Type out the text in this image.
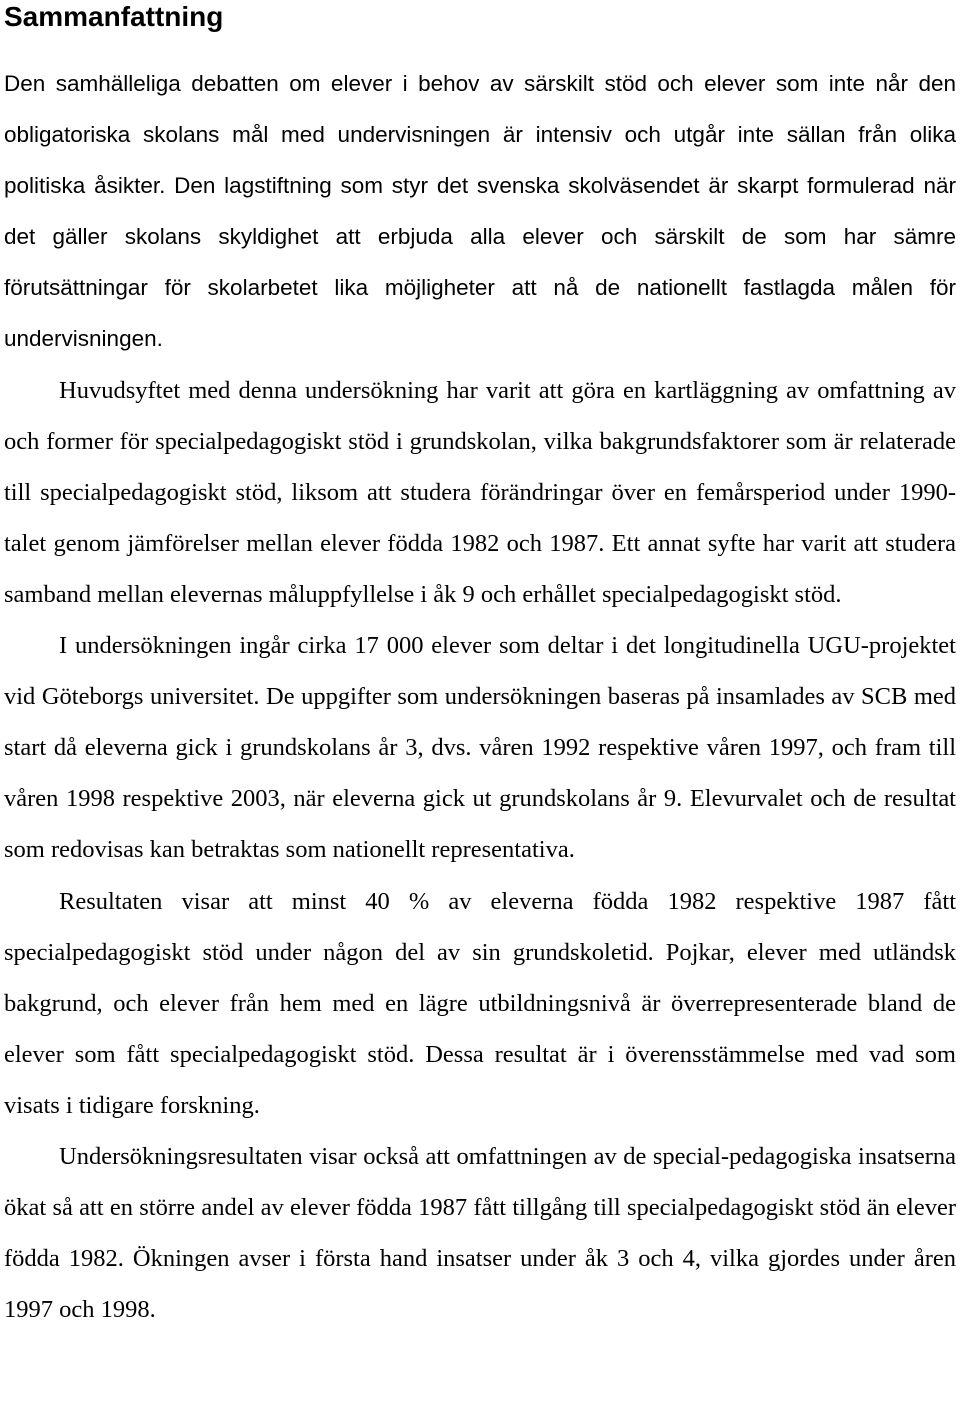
Sammanfattning

Den samhälleliga debatten om elever i behov av särskilt stöd och elever som inte når den obligatoriska skolans mål med undervisningen är intensiv och utgår inte sällan från olika politiska åsikter. Den lagstiftning som styr det svenska skolväsendet är skarpt formulerad när det gäller skolans skyldighet att erbjuda alla elever och särskilt de som har sämre förutsättningar för skolarbetet lika möjligheter att nå de nationellt fastlagda målen för undervisningen.

Huvudsyftet med denna undersökning har varit att göra en kartläggning av omfattning av och former för specialpedagogiskt stöd i grundskolan, vilka bakgrundsfaktorer som är relaterade till specialpedagogiskt stöd, liksom att studera förändringar över en femårsperiod under 1990-talet genom jämförelser mellan elever födda 1982 och 1987. Ett annat syfte har varit att studera samband mellan elevernas måluppfyllelse i åk 9 och erhållet specialpedagogiskt stöd.

I undersökningen ingår cirka 17 000 elever som deltar i det longitudinella UGU-projektet vid Göteborgs universitet. De uppgifter som undersökningen baseras på insamlades av SCB med start då eleverna gick i grundskolans år 3, dvs. våren 1992 respektive våren 1997, och fram till våren 1998 respektive 2003, när eleverna gick ut grundskolans år 9. Elevurvalet och de resultat som redovisas kan betraktas som nationellt representativa.

Resultaten visar att minst 40 % av eleverna födda 1982 respektive 1987 fått specialpedagogiskt stöd under någon del av sin grundskoletid. Pojkar, elever med utländsk bakgrund, och elever från hem med en lägre utbildningsnivå är överrepresenterade bland de elever som fått specialpedagogiskt stöd. Dessa resultat är i överensstämmelse med vad som visats i tidigare forskning.

Undersökningsresultaten visar också att omfattningen av de special-pedagogiska insatserna ökat så att en större andel av elever födda 1987 fått tillgång till specialpedagogiskt stöd än elever födda 1982. Ökningen avser i första hand insatser under åk 3 och 4, vilka gjordes under åren 1997 och 1998.
